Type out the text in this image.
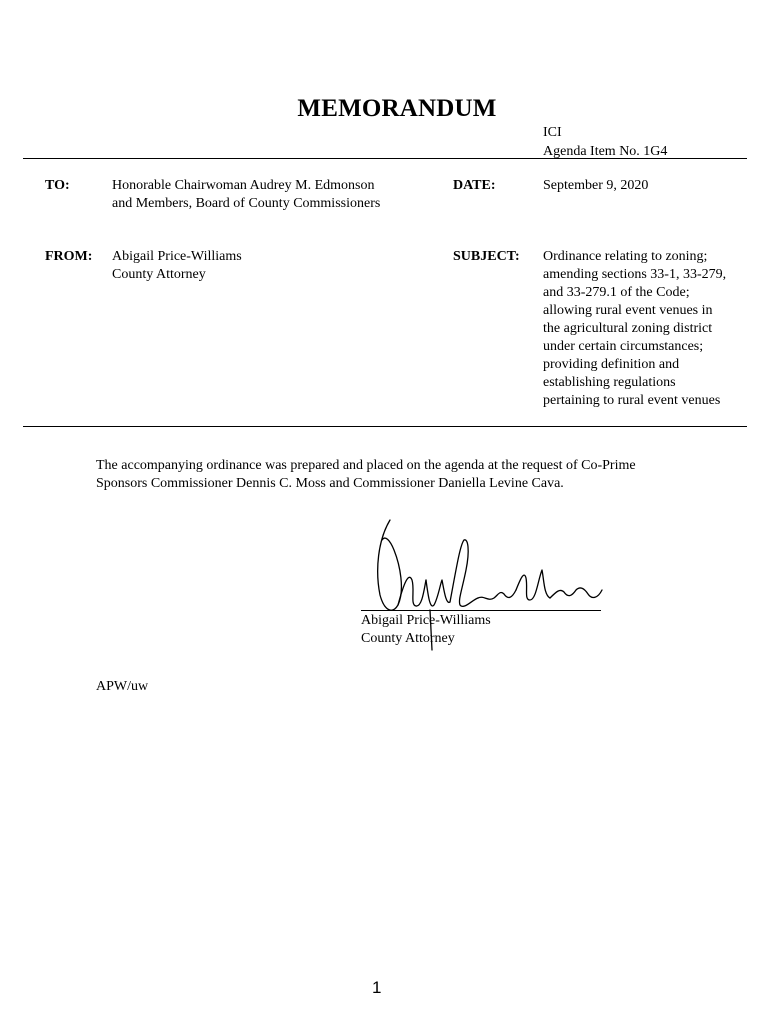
MEMORANDUM
ICI
Agenda Item No. 1G4
TO:	Honorable Chairwoman Audrey M. Edmonson
and Members, Board of County Commissioners
DATE:	September 9, 2020
FROM: Abigail Price-Williams
County Attorney
SUBJECT: Ordinance relating to zoning;
amending sections 33-1, 33-279,
and 33-279.1 of the Code;
allowing rural event venues in
the agricultural zoning district
under certain circumstances;
providing definition and
establishing regulations
pertaining to rural event venues
The accompanying ordinance was prepared and placed on the agenda at the request of Co-Prime
Sponsors Commissioner Dennis C. Moss and Commissioner Daniella Levine Cava.
Abigail Price-Williams
County Attorney
APW/uw
1
